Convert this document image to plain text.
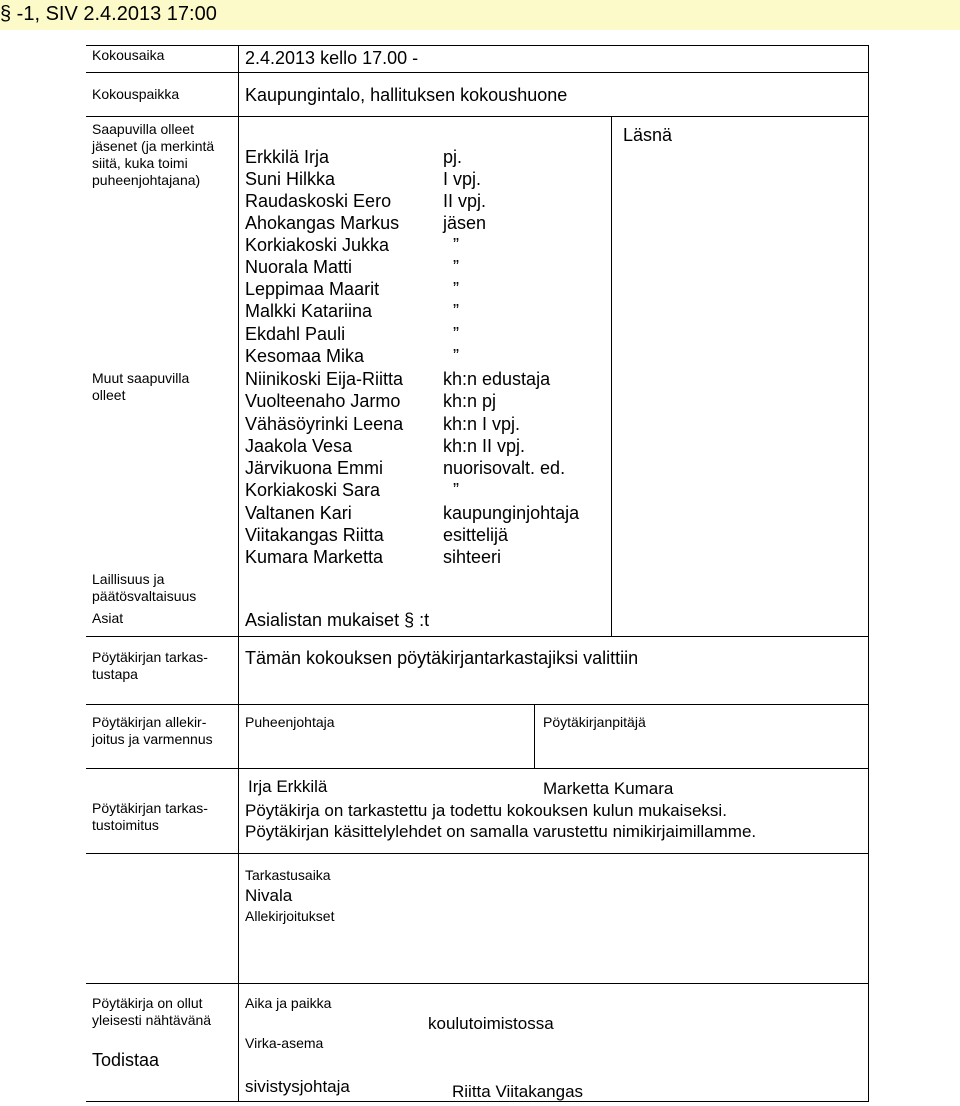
§ -1, SIV 2.4.2013 17:00
Kokousaika	2.4.2013 kello 17.00 -
Kokouspaikka	Kaupungintalo, hallituksen kokoushuone
Saapuvilla olleet
jäsenet (ja merkintä
siitä, kuka toimi
puheenjohtajana)
Läsnä
Erkkilä Irja	pj.
Suni Hilkka	I vpj.
Raudaskoski Eero	II vpj.
Ahokangas Markus jäsen
Korkiakoski Jukka	”
Nuorala Matti	”
Leppimaa Maarit	”
Malkki Katariina	”
Ekdahl Pauli	”
Kesomaa Mika	”
Muut saapuvilla
olleet
Niinikoski Eija-Riitta kh:n edustaja
Vuolteenaho Jarmo kh:n pj
Vähäsöyrinki Leena kh:n I vpj.
Jaakola Vesa	kh:n II vpj.
Järvikuona Emmi	nuorisovalt. ed.
Korkiakoski Sara	”
Valtanen Kari	kaupunginjohtaja
Viitakangas Riitta	esittelijä
Kumara Marketta	sihteeri
Laillisuus ja
päätösvaltaisuus
Asiat	Asialistan mukaiset § :t
Pöytäkirjan tarkas-
tustapa
Tämän kokouksen pöytäkirjantarkastajiksi valittiin
Pöytäkirjan allekir-
joitus ja varmennus
Puheenjohtaja	Pöytäkirjanpitäjä
Irja Erkkilä	Marketta Kumara
Pöytäkirjan tarkas-
tustoimitus
Pöytäkirja on tarkastettu ja todettu kokouksen kulun mukaiseksi.
Pöytäkirjan käsittelylehdet on samalla varustettu nimikirjaimillamme.
Tarkastusaika
Nivala
Allekirjoitukset
Pöytäkirja on ollut
yleisesti nähtävänä
Todistaa
Aika ja paikka
koulutoimistossa
Virka-asema
sivistysjohtaja	Riitta Viitakangas
